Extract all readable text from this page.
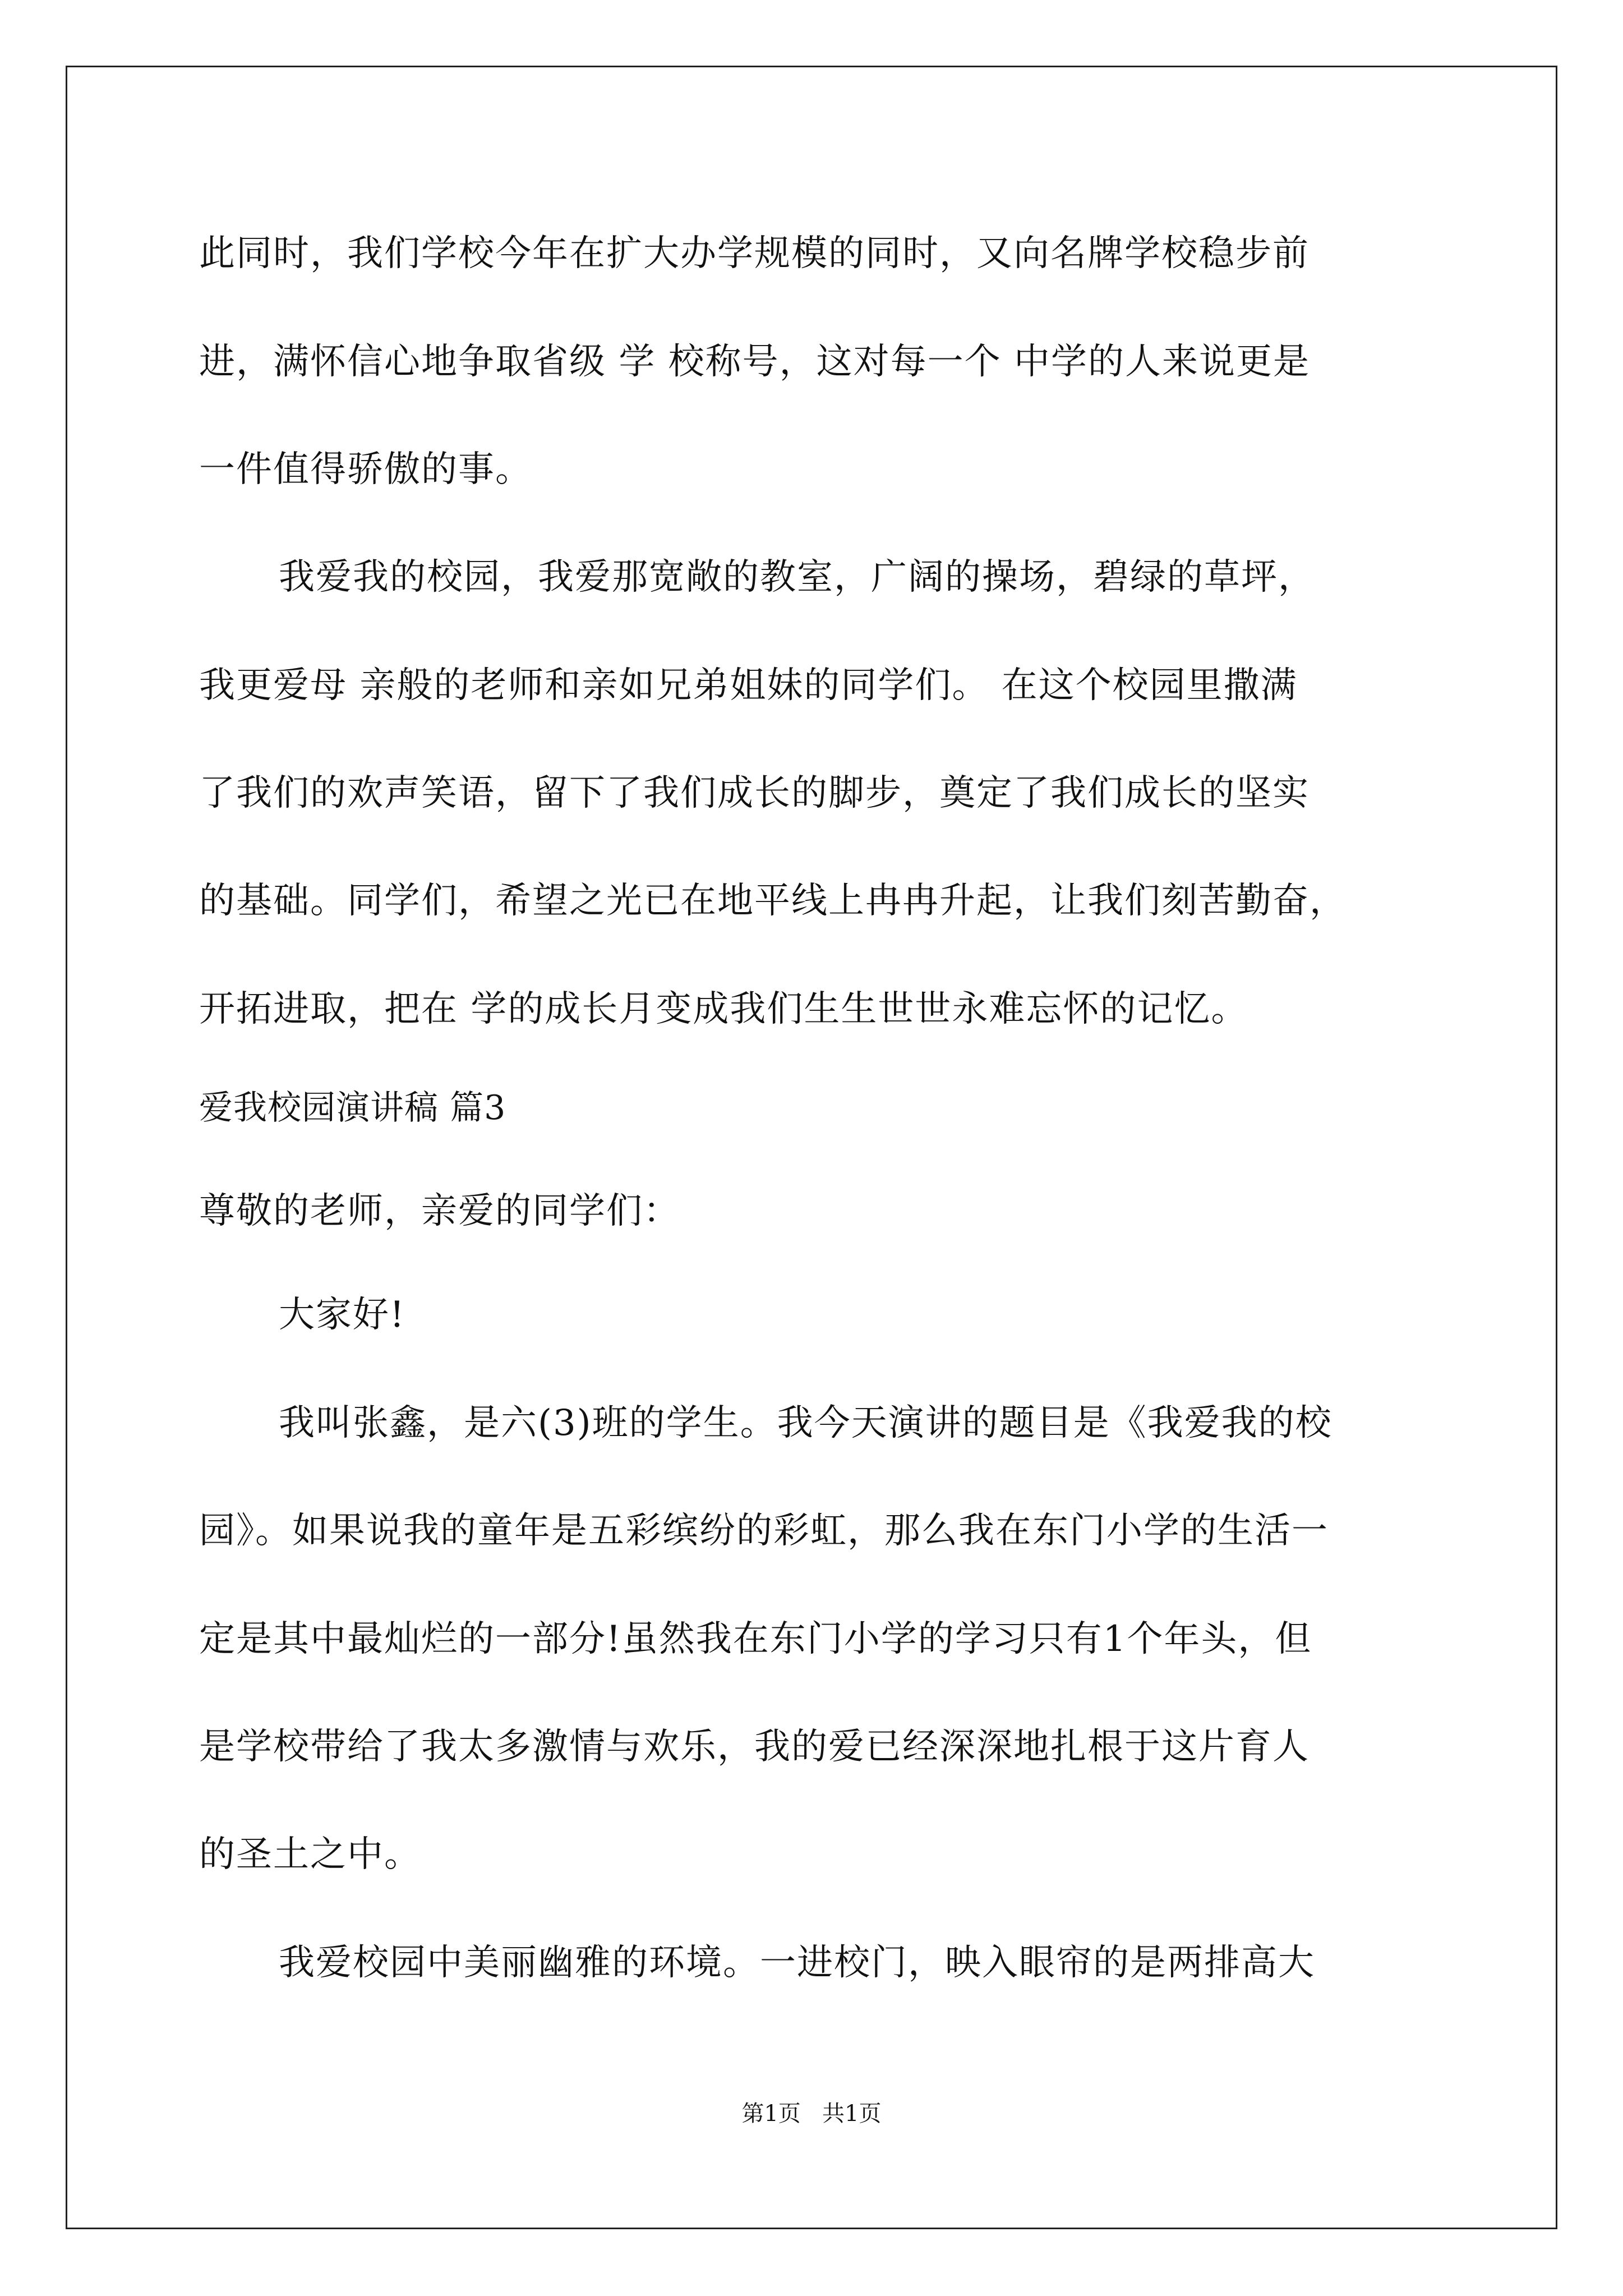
此同时，我们学校今年在扩大办学规模的同时，又向名牌学校稳步前
进，满怀信心地争取省级 学 校称号，这对每一个 中学的人来说更是
一件值得骄傲的事。
我爱我的校园，我爱那宽敞的教室，广阔的操场，碧绿的草坪，
我更爱母 亲般的老师和亲如兄弟姐妹的同学们。 在这个校园里撒满
了我们的欢声笑语，留下了我们成长的脚步，奠定了我们成长的坚实
的基础。同学们，希望之光已在地平线上冉冉升起，让我们刻苦勤奋，
开拓进取，把在 学的成长月变成我们生生世世永难忘怀的记忆。
爱我校园演讲稿 篇3
尊敬的老师，亲爱的同学们：
大家好!
我叫张鑫，是六(3)班的学生。我今天演讲的题目是《我爱我的校
园》。如果说我的童年是五彩缤纷的彩虹，那么我在东门小学的生活一
定是其中最灿烂的一部分!虽然我在东门小学的学习只有1个年头，但
是学校带给了我太多激情与欢乐，我的爱已经深深地扎根于这片育人
的圣土之中。
我爱校园中美丽幽雅的环境。一进校门，映入眼帘的是两排高大
第1页   共1页
